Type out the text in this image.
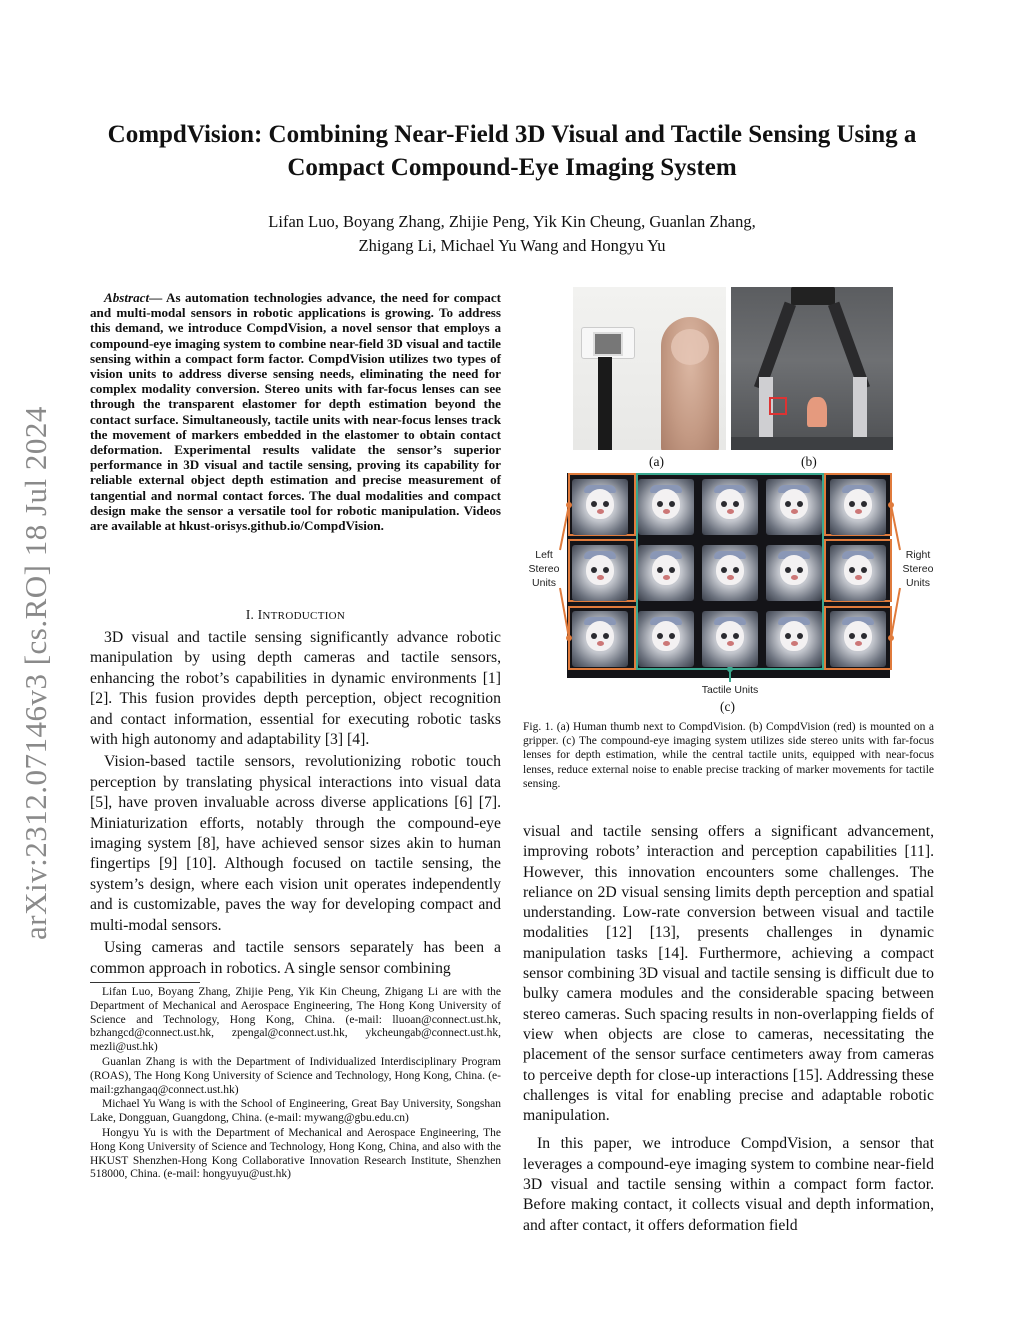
arXiv:2312.07146v3 [cs.RO] 18 Jul 2024
CompdVision: Combining Near-Field 3D Visual and Tactile Sensing Using a Compact Compound-Eye Imaging System
Lifan Luo, Boyang Zhang, Zhijie Peng, Yik Kin Cheung, Guanlan Zhang,
Zhigang Li, Michael Yu Wang and Hongyu Yu

Abstract— As automation technologies advance, the need for compact and multi-modal sensors in robotic applications is growing. To address this demand, we introduce CompdVision, a novel sensor that employs a compound-eye imaging system to combine near-field 3D visual and tactile sensing within a compact form factor. CompdVision utilizes two types of vision units to address diverse sensing needs, eliminating the need for complex modality conversion. Stereo units with far-focus lenses can see through the transparent elastomer for depth estimation beyond the contact surface. Simultaneously, tactile units with near-focus lenses track the movement of markers embedded in the elastomer to obtain contact deformation. Experimental results validate the sensor’s superior performance in 3D visual and tactile sensing, proving its capability for reliable external object depth estimation and precise measurement of tangential and normal contact forces. The dual modalities and compact design make the sensor a versatile tool for robotic manipulation. Videos are available at hkust-orisys.github.io/CompdVision.

I. INTRODUCTION

3D visual and tactile sensing significantly advance robotic manipulation by using depth cameras and tactile sensors, enhancing the robot’s capabilities in dynamic environments [1] [2]. This fusion provides depth perception, object recognition and contact information, essential for executing robotic tasks with high autonomy and adaptability [3] [4].

Vision-based tactile sensors, revolutionizing robotic touch perception by translating physical interactions into visual data [5], have proven invaluable across diverse applications [6] [7]. Miniaturization efforts, notably through the compound-eye imaging system [8], have achieved sensor sizes akin to human fingertips [9] [10]. Although focused on tactile sensing, the system’s design, where each vision unit operates independently and is customizable, paves the way for developing compact and multi-modal sensors.

Using cameras and tactile sensors separately has been a common approach in robotics. A single sensor combining

Lifan Luo, Boyang Zhang, Zhijie Peng, Yik Kin Cheung, Zhigang Li are with the Department of Mechanical and Aerospace Engineering, The Hong Kong University of Science and Technology, Hong Kong, China. (e-mail: lluoan@connect.ust.hk, bzhangcd@connect.ust.hk, zpengal@connect.ust.hk, ykcheungab@connect.ust.hk, mezli@ust.hk)

Guanlan Zhang is with the Department of Individualized Interdisciplinary Program (ROAS), The Hong Kong University of Science and Technology, Hong Kong, China. (e-mail:gzhangaq@connect.ust.hk)

Michael Yu Wang is with the School of Engineering, Great Bay University, Songshan Lake, Dongguan, Guangdong, China. (e-mail: mywang@gbu.edu.cn)

Hongyu Yu is with the Department of Mechanical and Aerospace Engineering, The Hong Kong University of Science and Technology, Hong Kong, China, and also with the HKUST Shenzhen-Hong Kong Collaborative Innovation Research Institute, Shenzhen 518000, China. (e-mail: hongyuyu@ust.hk)

(a)	(b)
Left Stereo Units
Right Stereo Units
Tactile Units
(c)

Fig. 1. (a) Human thumb next to CompdVision. (b) CompdVision (red) is mounted on a gripper. (c) The compound-eye imaging system utilizes side stereo units with far-focus lenses for depth estimation, while the central tactile units, equipped with near-focus lenses, reduce external noise to enable precise tracking of marker movements for tactile sensing.

visual and tactile sensing offers a significant advancement, improving robots’ interaction and perception capabilities [11]. However, this innovation encounters some challenges. The reliance on 2D visual sensing limits depth perception and spatial understanding. Low-rate conversion between visual and tactile modalities [12] [13], presents challenges in dynamic manipulation tasks [14]. Furthermore, achieving a compact sensor combining 3D visual and tactile sensing is difficult due to bulky camera modules and the considerable spacing between stereo cameras. Such spacing results in non-overlapping fields of view when objects are close to cameras, necessitating the placement of the sensor surface centimeters away from cameras to perceive depth for close-up interactions [15]. Addressing these challenges is vital for enabling precise and adaptable robotic manipulation.

In this paper, we introduce CompdVision, a sensor that leverages a compound-eye imaging system to combine near-field 3D visual and tactile sensing within a compact form factor. Before making contact, it collects visual and depth information, and after contact, it offers deformation field
